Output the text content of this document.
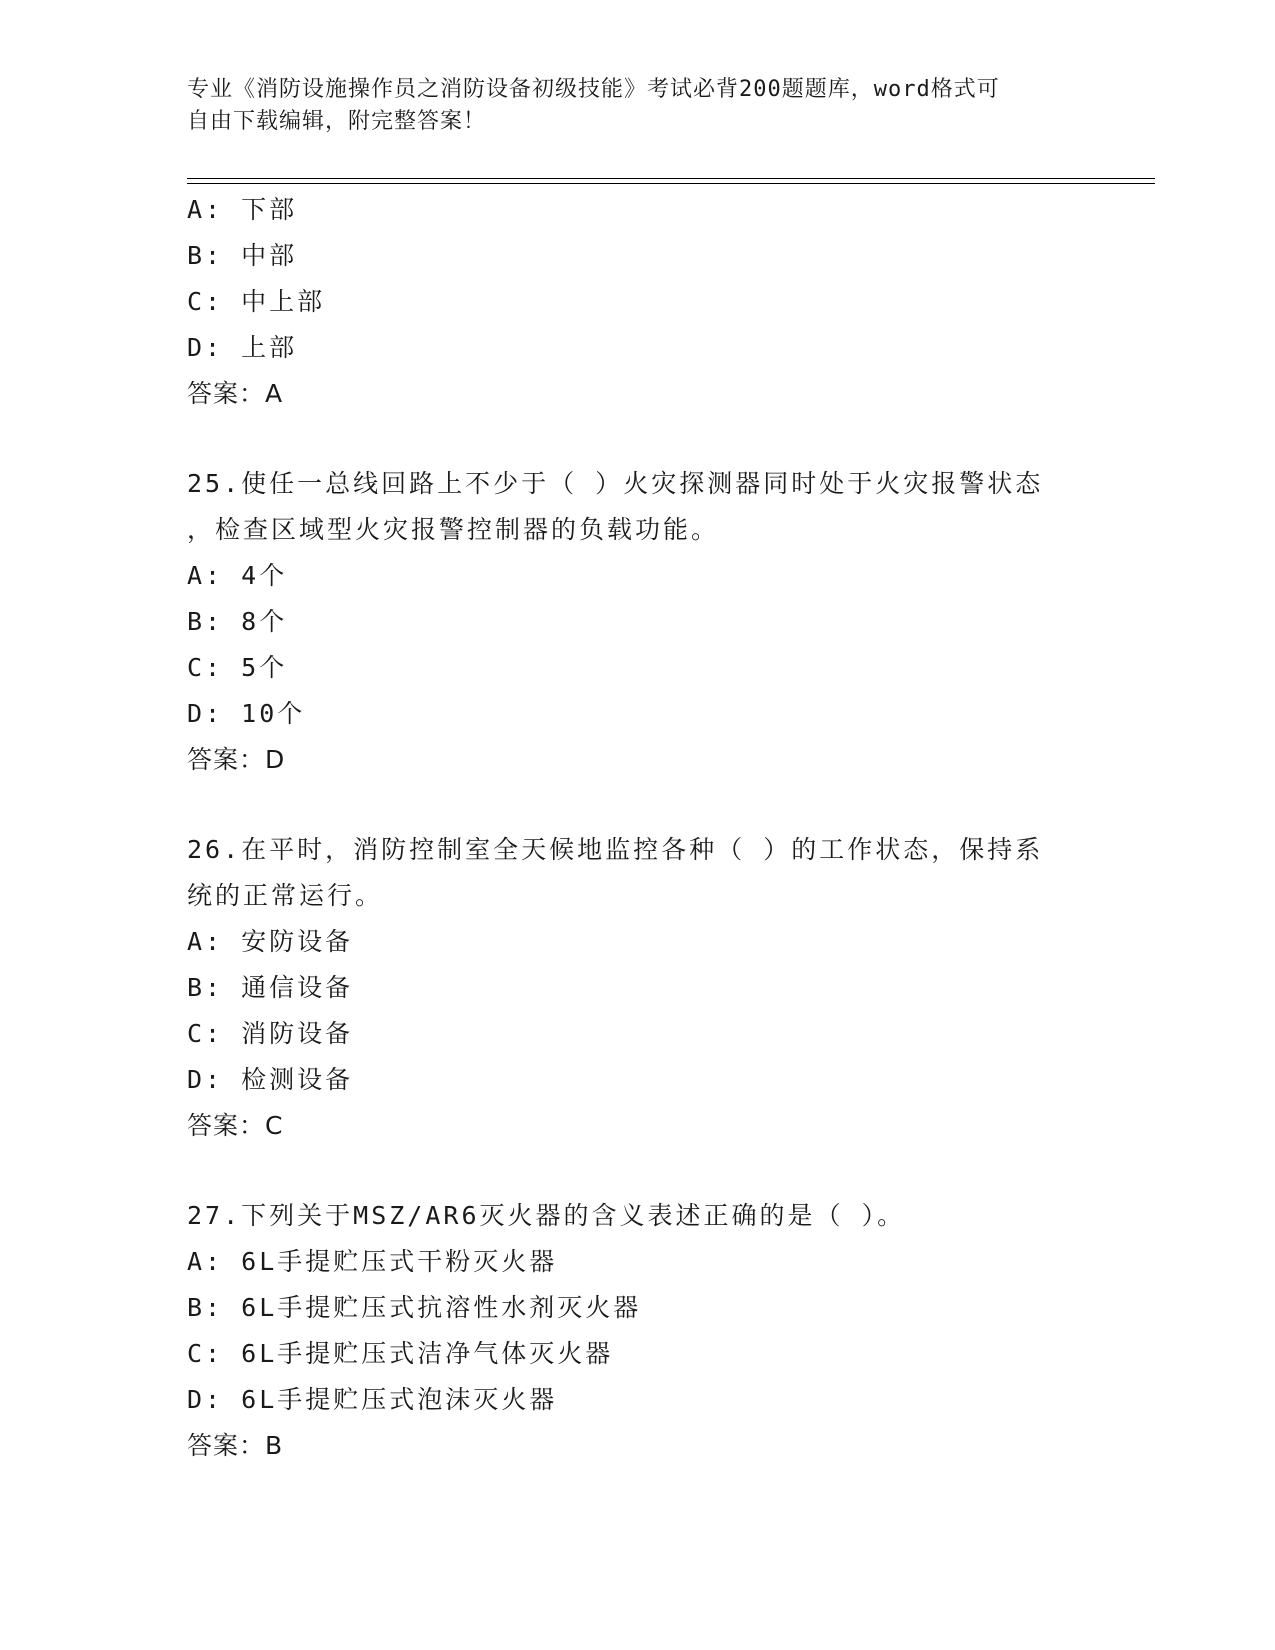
专业《消防设施操作员之消防设备初级技能》考试必背200题题库，word格式可
自由下载编辑，附完整答案！
A: 下部
B: 中部
C: 中上部
D: 上部
答案：A
25.使任一总线回路上不少于（ ）火灾探测器同时处于火灾报警状态
，检查区域型火灾报警控制器的负载功能。
A: 4个
B: 8个
C: 5个
D: 10个
答案：D
26.在平时，消防控制室全天候地监控各种（ ）的工作状态，保持系
统的正常运行。
A: 安防设备
B: 通信设备
C: 消防设备
D: 检测设备
答案：C
27.下列关于MSZ/AR6灭火器的含义表述正确的是（ ）。
A: 6L手提贮压式干粉灭火器
B: 6L手提贮压式抗溶性水剂灭火器
C: 6L手提贮压式洁净气体灭火器
D: 6L手提贮压式泡沫灭火器
答案：B
